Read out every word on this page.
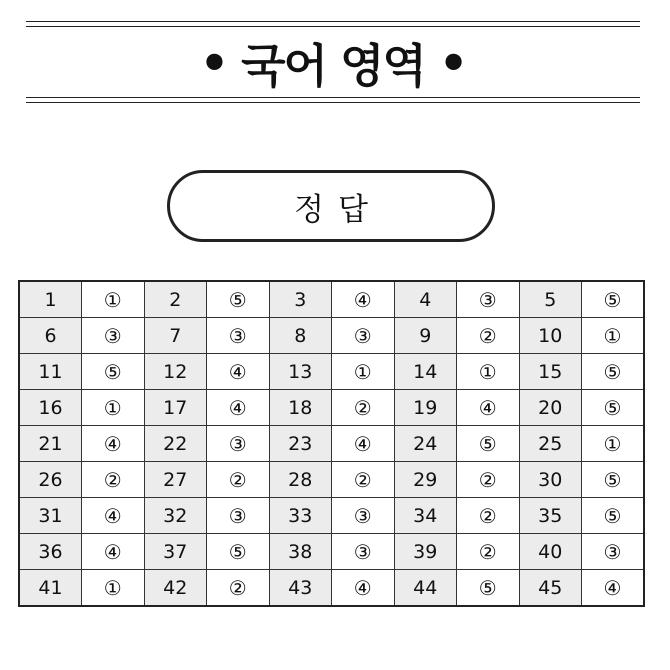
• 국어 영역 •
정답
1	①	2	⑤	3	④	4	③	5	⑤
6	③	7	③	8	③	9	②	10	①
11	⑤	12	④	13	①	14	①	15	⑤
16	①	17	④	18	②	19	④	20	⑤
21	④	22	③	23	④	24	⑤	25	①
26	②	27	②	28	②	29	②	30	⑤
31	④	32	③	33	③	34	②	35	⑤
36	④	37	⑤	38	③	39	②	40	③
41	①	42	②	43	④	44	⑤	45	④
